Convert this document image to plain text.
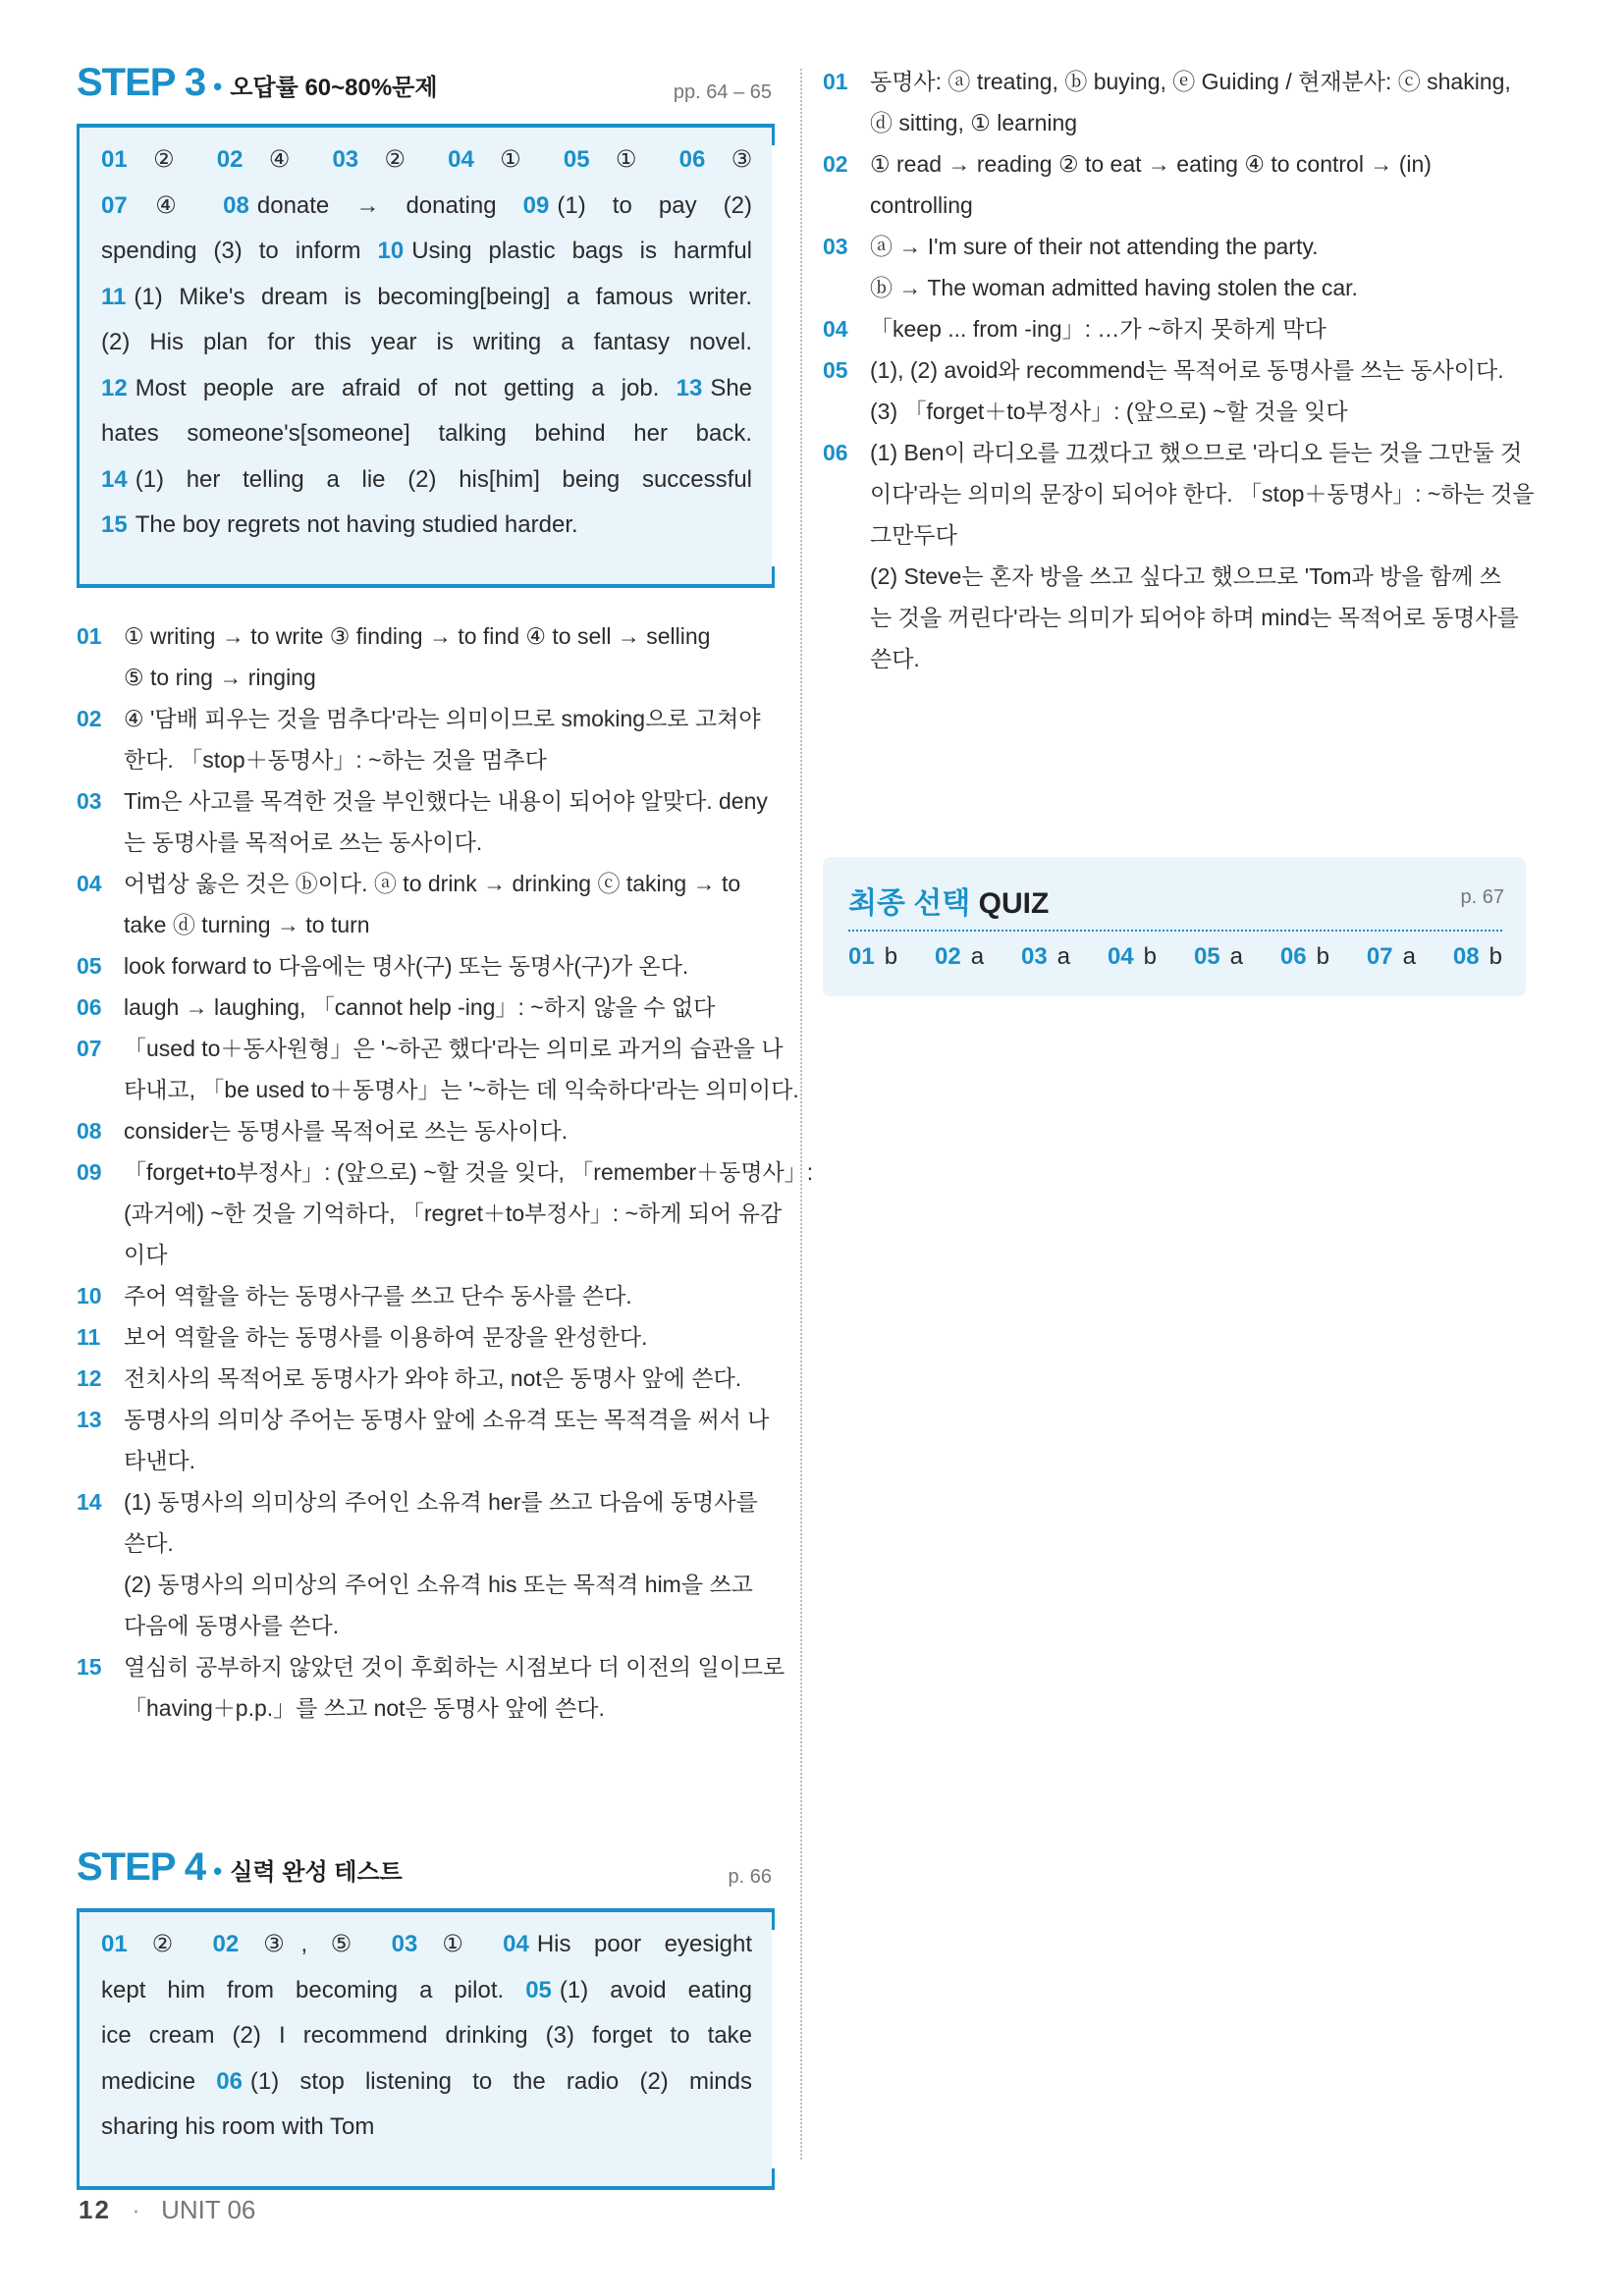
STEP 3 • 오답률 60~80%문제	pp. 64 – 65
01 ② 02 ④ 03 ② 04 ① 05 ① 06 ③
07 ④ 08 donate → donating 09 (1) to pay (2)
spending (3) to inform 10 Using plastic bags is harmful
11 (1) Mike's dream is becoming[being] a famous writer.
(2) His plan for this year is writing a fantasy novel.
12 Most people are afraid of not getting a job. 13 She
hates someone's[someone] talking behind her back.
14 (1) her telling a lie (2) his[him] being successful
15 The boy regrets not having studied harder.
01 ① writing → to write ③ finding → to find ④ to sell → selling
⑤ to ring → ringing
02 ④ '담배 피우는 것을 멈추다'라는 의미이므로 smoking으로 고쳐야
한다. 「stop＋동명사」: ~하는 것을 멈추다
03 Tim은 사고를 목격한 것을 부인했다는 내용이 되어야 알맞다. deny
는 동명사를 목적어로 쓰는 동사이다.
04 어법상 옳은 것은 ⓑ이다. ⓐ to drink → drinking ⓒ taking → to
take ⓓ turning → to turn
05 look forward to 다음에는 명사(구) 또는 동명사(구)가 온다.
06 laugh → laughing, 「cannot help -ing」: ~하지 않을 수 없다
07 「used to＋동사원형」은 '~하곤 했다'라는 의미로 과거의 습관을 나
타내고, 「be used to＋동명사」는 '~하는 데 익숙하다'라는 의미이다.
08 consider는 동명사를 목적어로 쓰는 동사이다.
09 「forget+to부정사」: (앞으로) ~할 것을 잊다, 「remember＋동명사」:
(과거에) ~한 것을 기억하다, 「regret＋to부정사」: ~하게 되어 유감
이다
10 주어 역할을 하는 동명사구를 쓰고 단수 동사를 쓴다.
11	보어 역할을 하는 동명사를 이용하여 문장을 완성한다.
12 전치사의 목적어로 동명사가 와야 하고, not은 동명사 앞에 쓴다.
13 동명사의 의미상 주어는 동명사 앞에 소유격 또는 목적격을 써서 나
타낸다.
14 (1) 동명사의 의미상의 주어인 소유격 her를 쓰고 다음에 동명사를
쓴다.
(2) 동명사의 의미상의 주어인 소유격 his 또는 목적격 him을 쓰고
다음에 동명사를 쓴다.
15 열심히 공부하지 않았던 것이 후회하는 시점보다 더 이전의 일이므로
「having＋p.p.」를 쓰고 not은 동명사 앞에 쓴다.
STEP 4 • 실력 완성 테스트	p. 66
01 ② 02 ③, ⑤ 03 ① 04 His poor eyesight
kept him from becoming a pilot. 05 (1) avoid eating
ice cream (2) I recommend drinking (3) forget to take
medicine 06 (1) stop listening to the radio (2) minds
sharing his room with Tom
01 동명사: ⓐ treating, ⓑ buying, ⓔ Guiding / 현재분사: ⓒ shaking,
ⓓ sitting, ① learning
02 ① read → reading ② to eat → eating ④ to control → (in)
controlling
03 ⓐ → I'm sure of their not attending the party.
ⓑ → The woman admitted having stolen the car.
04 「keep ... from -ing」: …가 ~하지 못하게 막다
05 (1), (2) avoid와 recommend는 목적어로 동명사를 쓰는 동사이다.
(3) 「forget＋to부정사」: (앞으로) ~할 것을 잊다
06 (1) Ben이 라디오를 끄겠다고 했으므로 '라디오 듣는 것을 그만둘 것
이다'라는 의미의 문장이 되어야 한다. 「stop＋동명사」: ~하는 것을
그만두다
(2) Steve는 혼자 방을 쓰고 싶다고 했으므로 'Tom과 방을 함께 쓰
는 것을 꺼린다'라는 의미가 되어야 하며 mind는 목적어로 동명사를
쓴다.
최종 선택 QUIZ	p. 67
01 b 02 a 03 a 04 b 05 a 06 b 07 a 08 b
12 · UNIT 06
